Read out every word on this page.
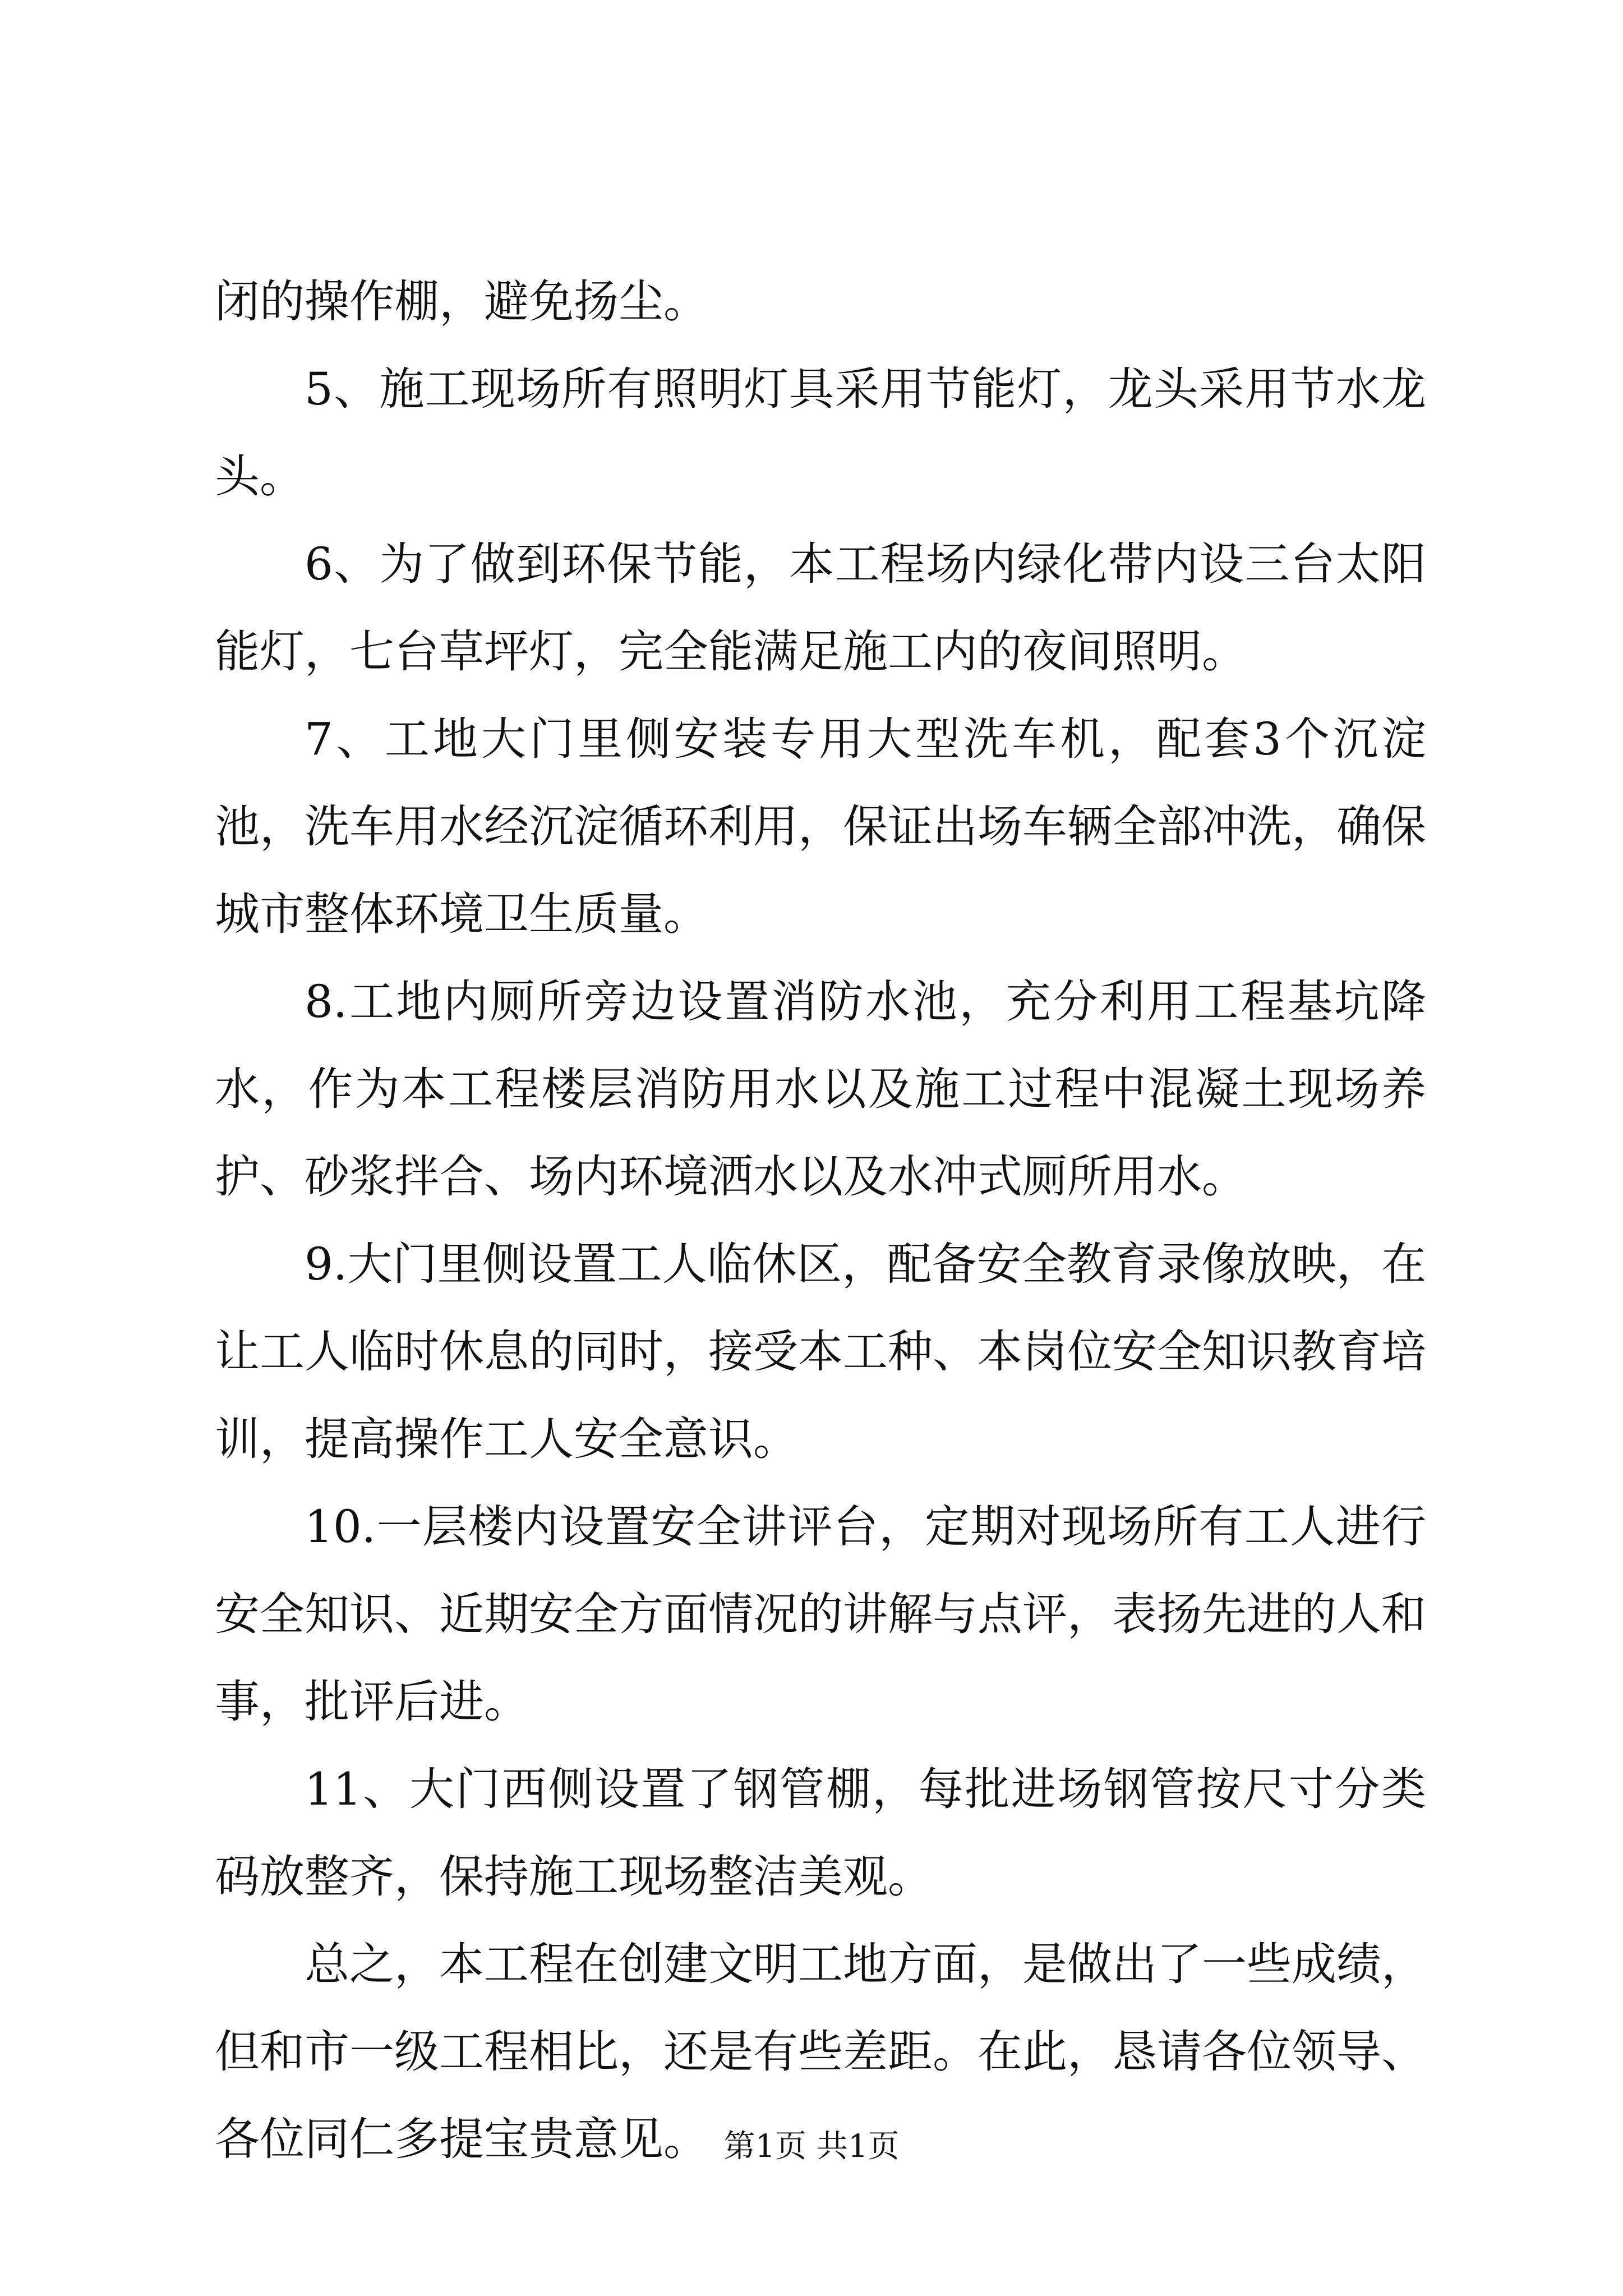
闭的操作棚，避免扬尘。

5、施工现场所有照明灯具采用节能灯，龙头采用节水龙头。

6、为了做到环保节能，本工程场内绿化带内设三台太阳能灯，七台草坪灯，完全能满足施工内的夜间照明。

7、工地大门里侧安装专用大型洗车机，配套3个沉淀池，洗车用水经沉淀循环利用，保证出场车辆全部冲洗，确保城市整体环境卫生质量。

8.工地内厕所旁边设置消防水池，充分利用工程基坑降水，作为本工程楼层消防用水以及施工过程中混凝土现场养护、砂浆拌合、场内环境洒水以及水冲式厕所用水。

9.大门里侧设置工人临休区，配备安全教育录像放映，在让工人临时休息的同时，接受本工种、本岗位安全知识教育培训，提高操作工人安全意识。

10.一层楼内设置安全讲评台，定期对现场所有工人进行安全知识、近期安全方面情况的讲解与点评，表扬先进的人和事，批评后进。

11、大门西侧设置了钢管棚，每批进场钢管按尺寸分类码放整齐，保持施工现场整洁美观。

总之，本工程在创建文明工地方面，是做出了一些成绩，但和市一级工程相比，还是有些差距。在此，恳请各位领导、各位同仁多提宝贵意见。 第1页 共1页
